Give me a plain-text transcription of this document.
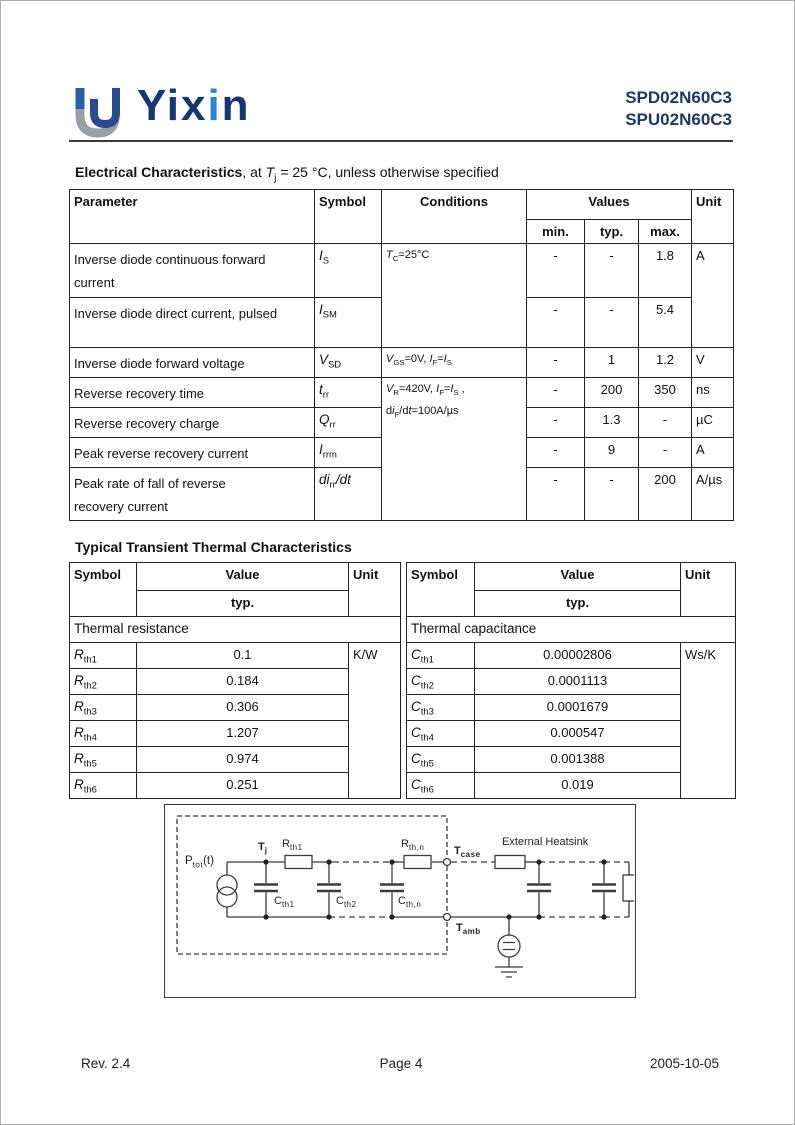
Yixin	SPD02N60C3
SPU02N60C3
Electrical Characteristics, at $T_j = 25$ °C, unless otherwise specified
Parameter	Symbol	Conditions	Values			Unit
			min.	typ.	max.	

Inverse diode continuous forward current	$I_S$	$T_C=25^\circ C$	-	-	1.8	A

Inverse diode direct current, pulsed	$I_{SM}$		-	-	5.4	

Inverse diode forward voltage	$V_{SD}$	$V_{GS}=0V$, $I_F=I_S$	-	1	1.2	V

Reverse recovery time	$t_{rr}$	$V_R=420V$, $I_F=I_S$ ,
$di_F/dt=100A/\mu s$	-	200	350	ns

Reverse recovery charge	$Q_{rr}$		-	1.3	-	µC

Peak reverse recovery current	$I_{rrm}$		-	9	-	A

Peak rate of fall of reverse recovery current	$di_{rr}/dt$		-	-	200	A/µs
Typical Transient Thermal Characteristics
Symbol	Value	Unit
	typ.	
Thermal resistance		
$R_{th1}$	0.1	K/W
$R_{th2}$	0.184	
$R_{th3}$	0.306	
$R_{th4}$	1.207	
$R_{th5}$	0.974	
$R_{th6}$	0.251	
Symbol	Value	Unit
	typ.	
Thermal capacitance		
$C_{th1}$	0.00002806	Ws/K
$C_{th2}$	0.0001113	
$C_{th3}$	0.0001679	
$C_{th4}$	0.000547	
$C_{th5}$	0.001388	
$C_{th6}$	0.019	
$P_{tot}(t)$
$T_j$
$R_{th1}$
$C_{th1}$	$C_{th2}$	$C_{th,n}$
$R_{th,n}$	$T_{case}$
External Heatsink
$T_{amb}$
Rev. 2.4	Page 4	2005-10-05
